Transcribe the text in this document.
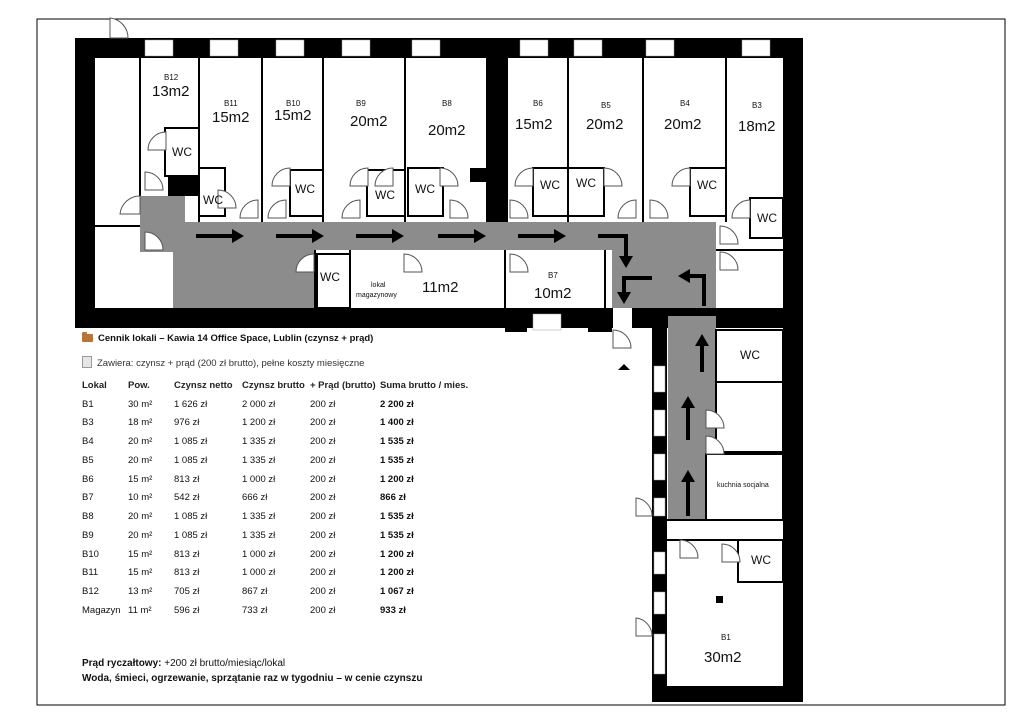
B12
13m2
B11
15m2
B10
15m2
B9
20m2
B8
20m2
B6
15m2
B5
20m2
B4
20m2
B3
18m2
B7
10m2
B1
30m2
WC
WC
WC	WC WC	WC WC	WC
WC
WC
WC
WC
lokal
magazynowy 11m2
kuchnia socjalna
Cennik lokali – Kawia 14 Office Space, Lublin (czynsz + prąd)
Zawiera: czynsz + prąd (200 zł brutto), pełne koszty miesięczne
Lokal	Pow.	Czynsz netto	Czynsz brutto	+ Prąd (brutto)	Suma brutto / mies.
B1	30 m²	1 626 zł	2 000 zł	200 zł	2 200 zł
B3	18 m²	976 zł	1 200 zł	200 zł	1 400 zł
B4	20 m²	1 085 zł	1 335 zł	200 zł	1 535 zł
B5	20 m²	1 085 zł	1 335 zł	200 zł	1 535 zł
B6	15 m²	813 zł	1 000 zł	200 zł	1 200 zł
B7	10 m²	542 zł	666 zł	200 zł	866 zł
B8	20 m²	1 085 zł	1 335 zł	200 zł	1 535 zł
B9	20 m²	1 085 zł	1 335 zł	200 zł	1 535 zł
B10	15 m²	813 zł	1 000 zł	200 zł	1 200 zł
B11	15 m²	813 zł	1 000 zł	200 zł	1 200 zł
B12	13 m²	705 zł	867 zł	200 zł	1 067 zł
Magazyn	11 m²	596 zł	733 zł	200 zł	933 zł
Prąd ryczałtowy: +200 zł brutto/miesiąc/lokal
Woda, śmieci, ogrzewanie, sprzątanie raz w tygodniu – w cenie czynszu
